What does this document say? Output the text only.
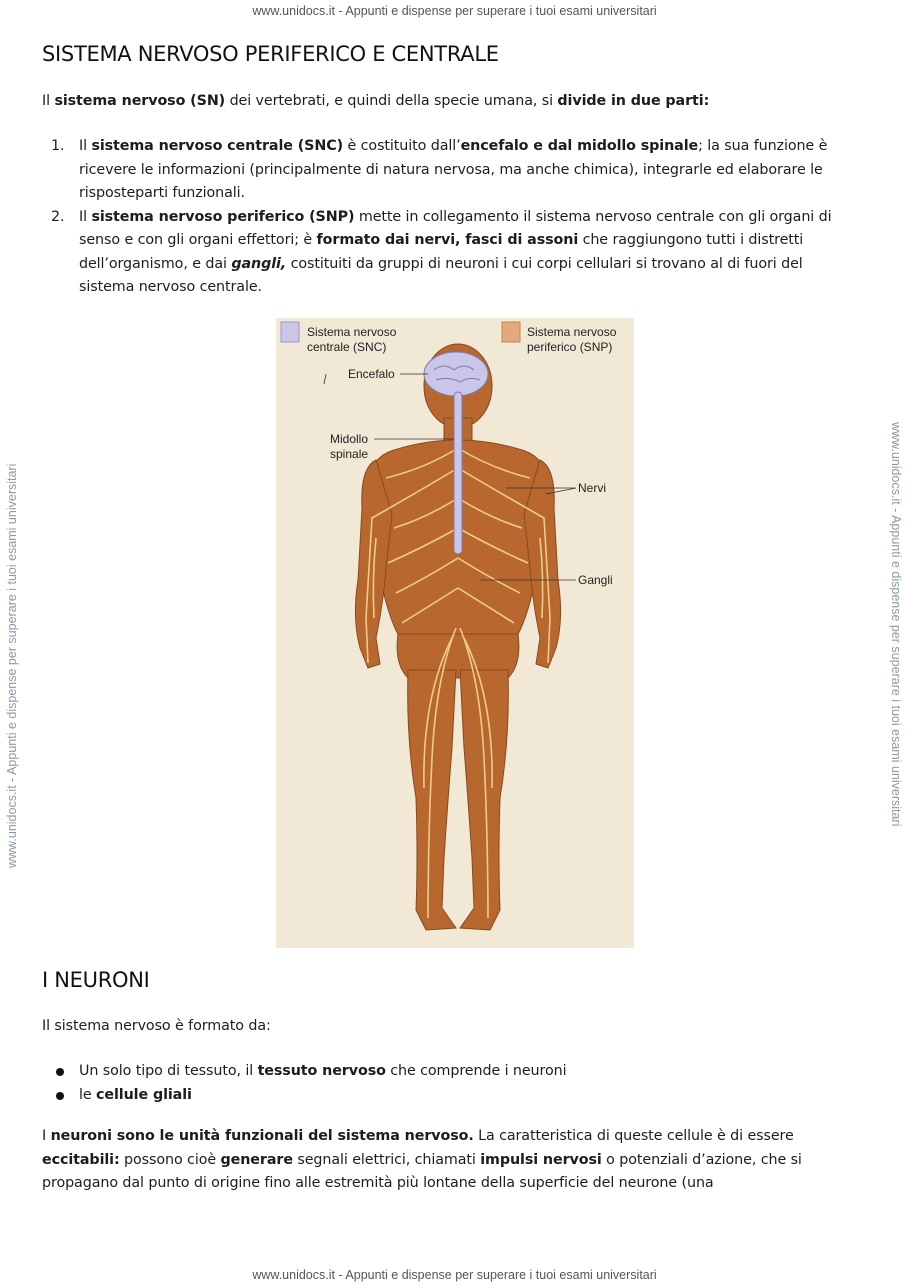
www.unidocs.it - Appunti e dispense per superare i tuoi esami universitari
www.unidocs.it - Appunti e dispense per superare i tuoi esami universitari
www.unidocs.it - Appunti e dispense per superare i tuoi esami universitari	www.unidocs.it - Appunti e dispense per superare i tuoi esami universitari
SISTEMA NERVOSO PERIFERICO E CENTRALE

Il sistema nervoso (SN) dei vertebrati, e quindi della specie umana, si divide in due parti:

1. Il sistema nervoso centrale (SNC) è costituito dall’encefalo e dal midollo spinale; la sua funzione è ricevere le informazioni (principalmente di natura nervosa, ma anche chimica), integrarle ed elaborare le risposteparti funzionali.
2. Il sistema nervoso periferico (SNP) mette in collegamento il sistema nervoso centrale con gli organi di senso e con gli organi effettori; è formato dai nervi, fasci di assoni che raggiungono tutti i distretti dell’organismo, e dai gangli, costituiti da gruppi di neuroni i cui corpi cellulari si trovano al di fuori del sistema nervoso centrale.
Sistema nervoso
centrale (SNC)
Sistema nervoso
periferico (SNP)
Encefalo
Midollo
spinale
Nervi
Gangli
I NEURONI

Il sistema nervoso è formato da:

Un solo tipo di tessuto, il tessuto nervoso che comprende i neuroni
le cellule gliali

I neuroni sono le unità funzionali del sistema nervoso. La caratteristica di queste cellule è di essere eccitabili: possono cioè generare segnali elettrici, chiamati impulsi nervosi o potenziali d’azione, che si propagano dal punto di origine fino alle estremità più lontane della superficie del neurone (una
